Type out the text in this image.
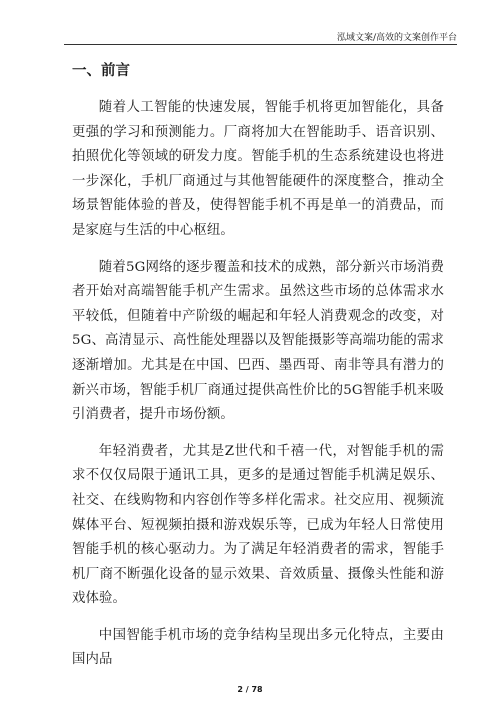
泓域文案/高效的文案创作平台
一、前言

随着人工智能的快速发展，智能手机将更加智能化，具备更强的学习和预测能力。厂商将加大在智能助手、语音识别、拍照优化等领域的研发力度。智能手机的生态系统建设也将进一步深化，手机厂商通过与其他智能硬件的深度整合，推动全场景智能体验的普及，使得智能手机不再是单一的消费品，而是家庭与生活的中心枢纽。

随着5G网络的逐步覆盖和技术的成熟，部分新兴市场消费者开始对高端智能手机产生需求。虽然这些市场的总体需求水平较低，但随着中产阶级的崛起和年轻人消费观念的改变，对5G、高清显示、高性能处理器以及智能摄影等高端功能的需求逐渐增加。尤其是在中国、巴西、墨西哥、南非等具有潜力的新兴市场，智能手机厂商通过提供高性价比的5G智能手机来吸引消费者，提升市场份额。

年轻消费者，尤其是Z世代和千禧一代，对智能手机的需求不仅仅局限于通讯工具，更多的是通过智能手机满足娱乐、社交、在线购物和内容创作等多样化需求。社交应用、视频流媒体平台、短视频拍摄和游戏娱乐等，已成为年轻人日常使用智能手机的核心驱动力。为了满足年轻消费者的需求，智能手机厂商不断强化设备的显示效果、音效质量、摄像头性能和游戏体验。

中国智能手机市场的竞争结构呈现出多元化特点，主要由国内品

2 / 78
